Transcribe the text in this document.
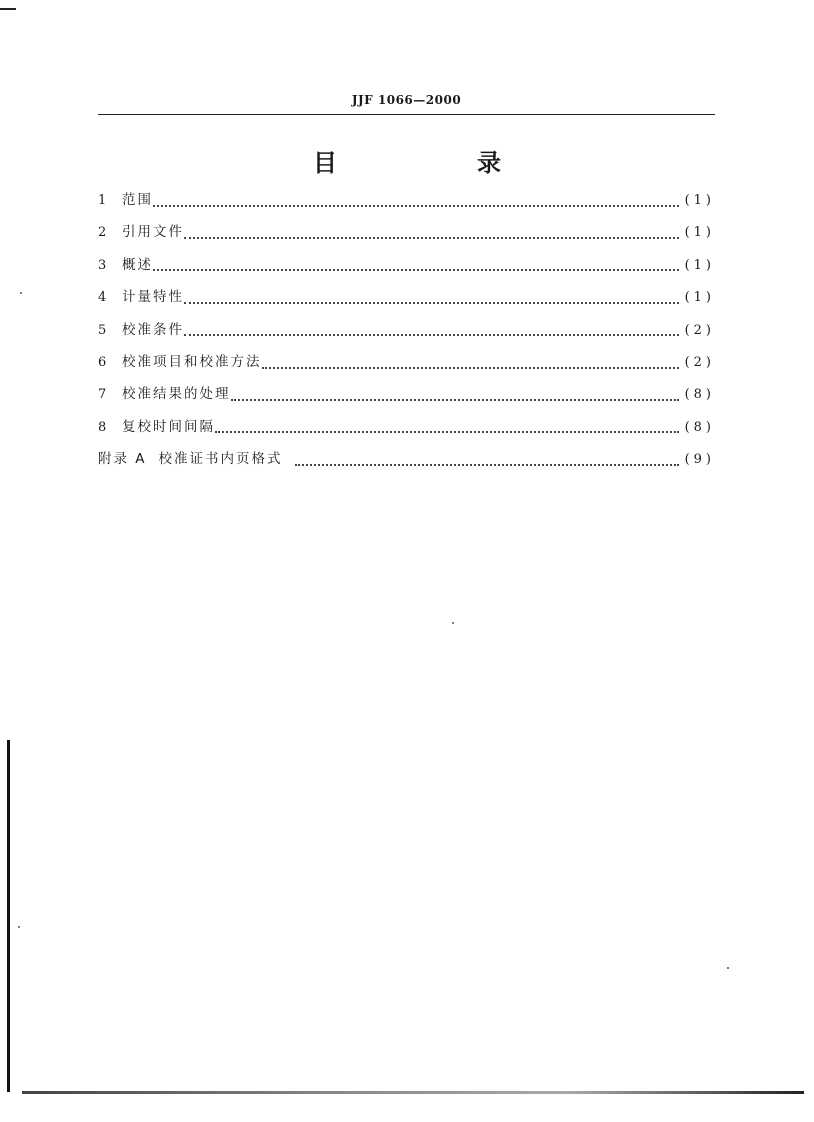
JJF 1066—2000
目　录
1	范围	(1)
2	引用文件	(1)
3	概述	(1)
4	计量特性	(1)
5	校准条件	(2)
6	校准项目和校准方法	(2)
7	校准结果的处理	(8)
8	复校时间间隔	(8)
附录 A 校准证书内页格式	(9)
